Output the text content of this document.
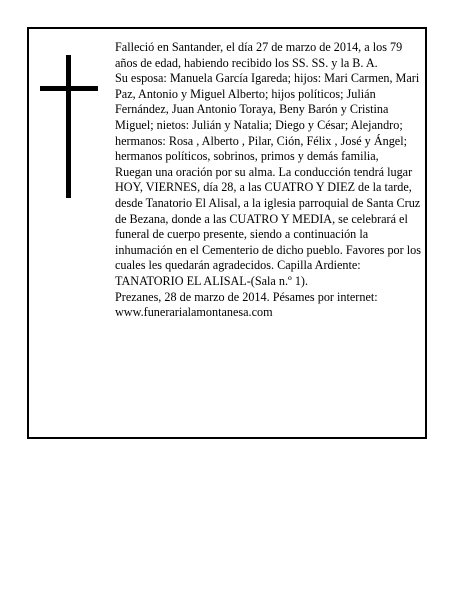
Falleció en Santander, el día 27 de marzo de 2014, a los 79 años de edad, habiendo recibido los SS. SS. y la B. A.

Su esposa: Manuela García Igareda; hijos: Mari Carmen, Mari Paz, Antonio y Miguel Alberto; hijos políticos; Julián Fernández, Juan Antonio Toraya, Beny Barón y Cristina Miguel; nietos: Julián y Natalia; Diego y César; Alejandro; hermanos: Rosa , Alberto , Pilar, Ción, Félix , José y Ángel; hermanos políticos, sobrinos, primos y demás familia,

Ruegan una oración por su alma. La conducción tendrá lugar HOY, VIERNES, día 28, a las CUATRO Y DIEZ de la tarde, desde Tanatorio El Alisal, a la iglesia parroquial de Santa Cruz de Bezana, donde a las CUATRO Y MEDIA, se celebrará el funeral de cuerpo presente, siendo a continuación la inhumación en el Cementerio de dicho pueblo. Favores por los cuales les quedarán agradecidos. Capilla Ardiente: TANATORIO EL ALISAL-(Sala n.º 1).

Prezanes, 28 de marzo de 2014. Pésames por internet:
www.funerarialamontanesa.com
